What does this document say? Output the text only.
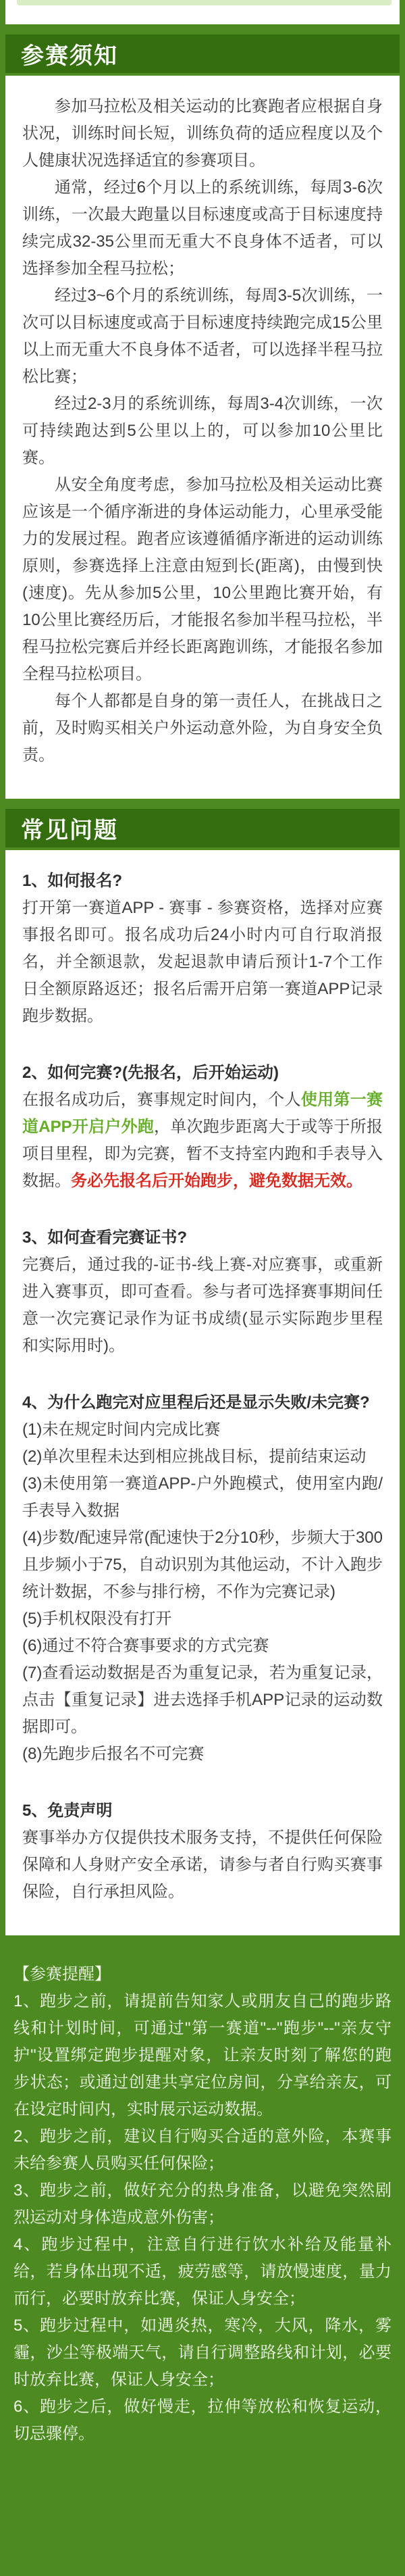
参赛须知

参加马拉松及相关运动的比赛跑者应根据自身状况，训练时间长短，训练负荷的适应程度以及个人健康状况选择适宜的参赛项目。

通常，经过6个月以上的系统训练，每周3-6次训练，一次最大跑量以目标速度或高于目标速度持续完成32-35公里而无重大不良身体不适者，可以选择参加全程马拉松；

经过3~6个月的系统训练，每周3-5次训练，一次可以目标速度或高于目标速度持续跑完成15公里以上而无重大不良身体不适者，可以选择半程马拉松比赛；

经过2-3月的系统训练，每周3-4次训练，一次可持续跑达到5公里以上的，可以参加10公里比赛。

从安全角度考虑，参加马拉松及相关运动比赛应该是一个循序渐进的身体运动能力，心里承受能力的发展过程。跑者应该遵循循序渐进的运动训练原则，参赛选择上注意由短到长(距离)，由慢到快(速度)。先从参加5公里，10公里跑比赛开始，有10公里比赛经历后，才能报名参加半程马拉松，半程马拉松完赛后并经长距离跑训练，才能报名参加全程马拉松项目。

每个人都都是自身的第一责任人，在挑战日之前，及时购买相关户外运动意外险，为自身安全负责。

常见问题

1、如何报名?

打开第一赛道APP - 赛事 - 参赛资格，选择对应赛事报名即可。报名成功后24小时内可自行取消报名，并全额退款，发起退款申请后预计1-7个工作日全额原路返还；报名后需开启第一赛道APP记录跑步数据。

2、如何完赛?(先报名，后开始运动)

在报名成功后，赛事规定时间内，个人使用第一赛道APP开启户外跑，单次跑步距离大于或等于所报项目里程，即为完赛，暂不支持室内跑和手表导入数据。务必先报名后开始跑步，避免数据无效。

3、如何查看完赛证书?

完赛后，通过我的-证书-线上赛-对应赛事，或重新进入赛事页，即可查看。参与者可选择赛事期间任意一次完赛记录作为证书成绩(显示实际跑步里程和实际用时)。

4、为什么跑完对应里程后还是显示失败/未完赛?

(1)未在规定时间内完成比赛

(2)单次里程未达到相应挑战目标，提前结束运动

(3)未使用第一赛道APP-户外跑模式，使用室内跑/手表导入数据

(4)步数/配速异常(配速快于2分10秒，步频大于300且步频小于75，自动识别为其他运动，不计入跑步统计数据，不参与排行榜，不作为完赛记录)

(5)手机权限没有打开

(6)通过不符合赛事要求的方式完赛

(7)查看运动数据是否为重复记录，若为重复记录，点击【重复记录】进去选择手机APP记录的运动数据即可。

(8)先跑步后报名不可完赛

5、免责声明

赛事举办方仅提供技术服务支持，不提供任何保险保障和人身财产安全承诺，请参与者自行购买赛事保险，自行承担风险。

【参赛提醒】

1、跑步之前，请提前告知家人或朋友自己的跑步路线和计划时间，可通过"第一赛道"--"跑步"--"亲友守护"设置绑定跑步提醒对象，让亲友时刻了解您的跑步状态；或通过创建共享定位房间，分享给亲友，可在设定时间内，实时展示运动数据。

2、跑步之前，建议自行购买合适的意外险，本赛事未给参赛人员购买任何保险；

3、跑步之前，做好充分的热身准备，以避免突然剧烈运动对身体造成意外伤害；

4、跑步过程中，注意自行进行饮水补给及能量补给，若身体出现不适，疲劳感等，请放慢速度，量力而行，必要时放弃比赛，保证人身安全；

5、跑步过程中，如遇炎热，寒冷，大风，降水，雾霾，沙尘等极端天气，请自行调整路线和计划，必要时放弃比赛，保证人身安全；

6、跑步之后，做好慢走，拉伸等放松和恢复运动，切忌骤停。
